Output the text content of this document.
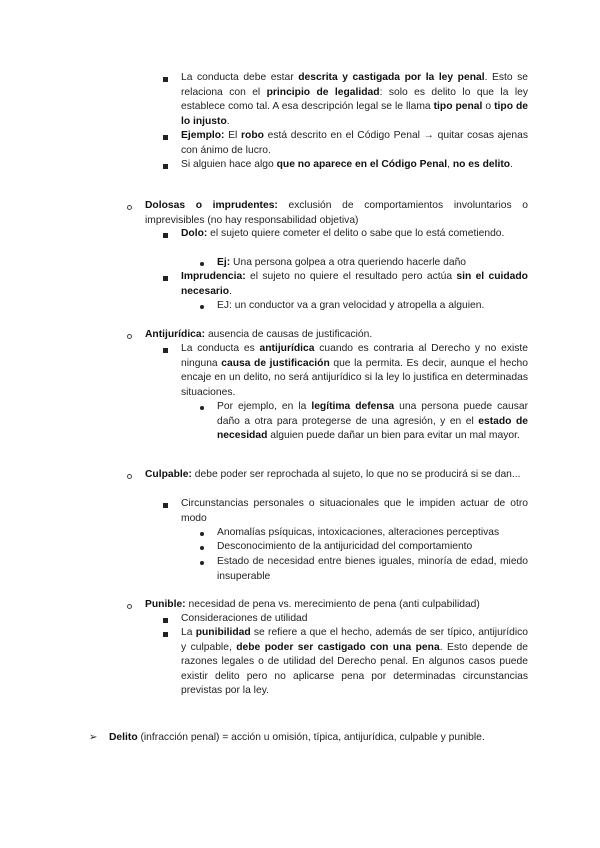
La conducta debe estar descrita y castigada por la ley penal. Esto se relaciona con el principio de legalidad: solo es delito lo que la ley establece como tal. A esa descripción legal se le llama tipo penal o tipo de lo injusto.
Ejemplo: El robo está descrito en el Código Penal → quitar cosas ajenas con ánimo de lucro.
Si alguien hace algo que no aparece en el Código Penal, no es delito.
Dolosas o imprudentes: exclusión de comportamientos involuntarios o imprevisibles (no hay responsabilidad objetiva)
Dolo: el sujeto quiere cometer el delito o sabe que lo está cometiendo.
Ej: Una persona golpea a otra queriendo hacerle daño
Imprudencia: el sujeto no quiere el resultado pero actúa sin el cuidado necesario.
EJ: un conductor va a gran velocidad y atropella a alguien.
Antijurídica: ausencia de causas de justificación.
La conducta es antijurídica cuando es contraria al Derecho y no existe ninguna causa de justificación que la permita. Es decir, aunque el hecho encaje en un delito, no será antijurídico si la ley lo justifica en determinadas situaciones.
Por ejemplo, en la legítima defensa una persona puede causar daño a otra para protegerse de una agresión, y en el estado de necesidad alguien puede dañar un bien para evitar un mal mayor.
Culpable: debe poder ser reprochada al sujeto, lo que no se producirá si se dan...
Circunstancias personales o situacionales que le impiden actuar de otro modo
Anomalías psíquicas, intoxicaciones, alteraciones perceptivas
Desconocimiento de la antijuricidad del comportamiento
Estado de necesidad entre bienes iguales, minoría de edad, miedo insuperable
Punible: necesidad de pena vs. merecimiento de pena (anti culpabilidad)
Consideraciones de utilidad
La punibilidad se refiere a que el hecho, además de ser típico, antijurídico y culpable, debe poder ser castigado con una pena. Esto depende de razones legales o de utilidad del Derecho penal. En algunos casos puede existir delito pero no aplicarse pena por determinadas circunstancias previstas por la ley.
➢ Delito (infracción penal) = acción u omisión, típica, antijurídica, culpable y punible.
